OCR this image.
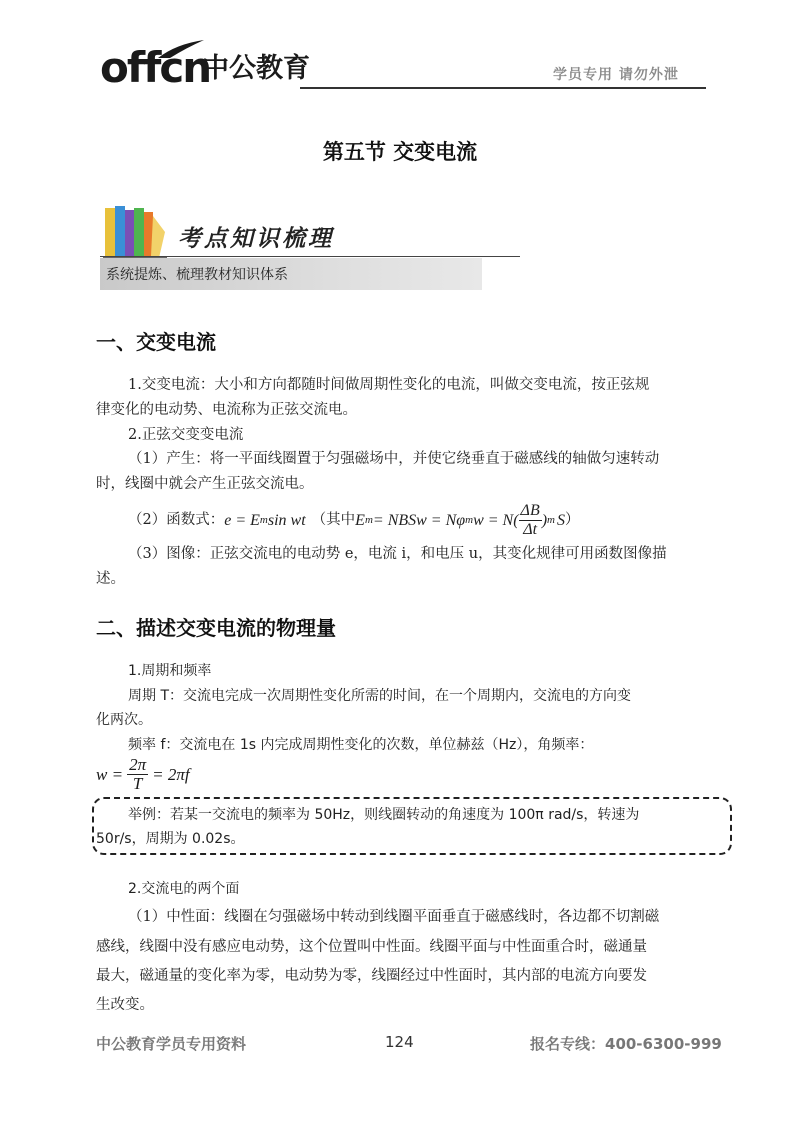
offcn
中公教育	学员专用 请勿外泄
第五节 交变电流
考点知识梳理
系统提炼、梳理教材知识体系
一、交变电流
1.交变电流：大小和方向都随时间做周期性变化的电流，叫做交变电流，按正弦规
律变化的电动势、电流称为正弦交流电。
2.正弦交变变电流
（1）产生：将一平面线圈置于匀强磁场中，并使它绕垂直于磁感线的轴做匀速转动
时，线圈中就会产生正弦交流电。
（2）函数式： e = E m sin wt （其中 E m = NBSw = Nφ m $w = N( \frac{\Delta B}{\Delta t}$ ) m S ）
（3）图像：正弦交流电的电动势 e，电流 i，和电压 u，其变化规律可用函数图像描
述。
二、描述交变电流的物理量
1.周期和频率
周期 T：交流电完成一次周期性变化所需的时间，在一个周期内，交流电的方向变
化两次。
频率 f：交流电在 1s 内完成周期性变化的次数，单位赫兹（Hz），角频率：
$w = \frac{2\pi}{T} = 2\pi f$
举例：若某一交流电的频率为 50Hz，则线圈转动的角速度为 100π rad/s，转速为
50r/s，周期为 0.02s。
2.交流电的两个面
（1）中性面：线圈在匀强磁场中转动到线圈平面垂直于磁感线时，各边都不切割磁
感线，线圈中没有感应电动势，这个位置叫中性面。线圈平面与中性面重合时，磁通量
最大，磁通量的变化率为零，电动势为零，线圈经过中性面时，其内部的电流方向要发
生改变。
中公教育学员专用资料	124	报名专线：400-6300-999
